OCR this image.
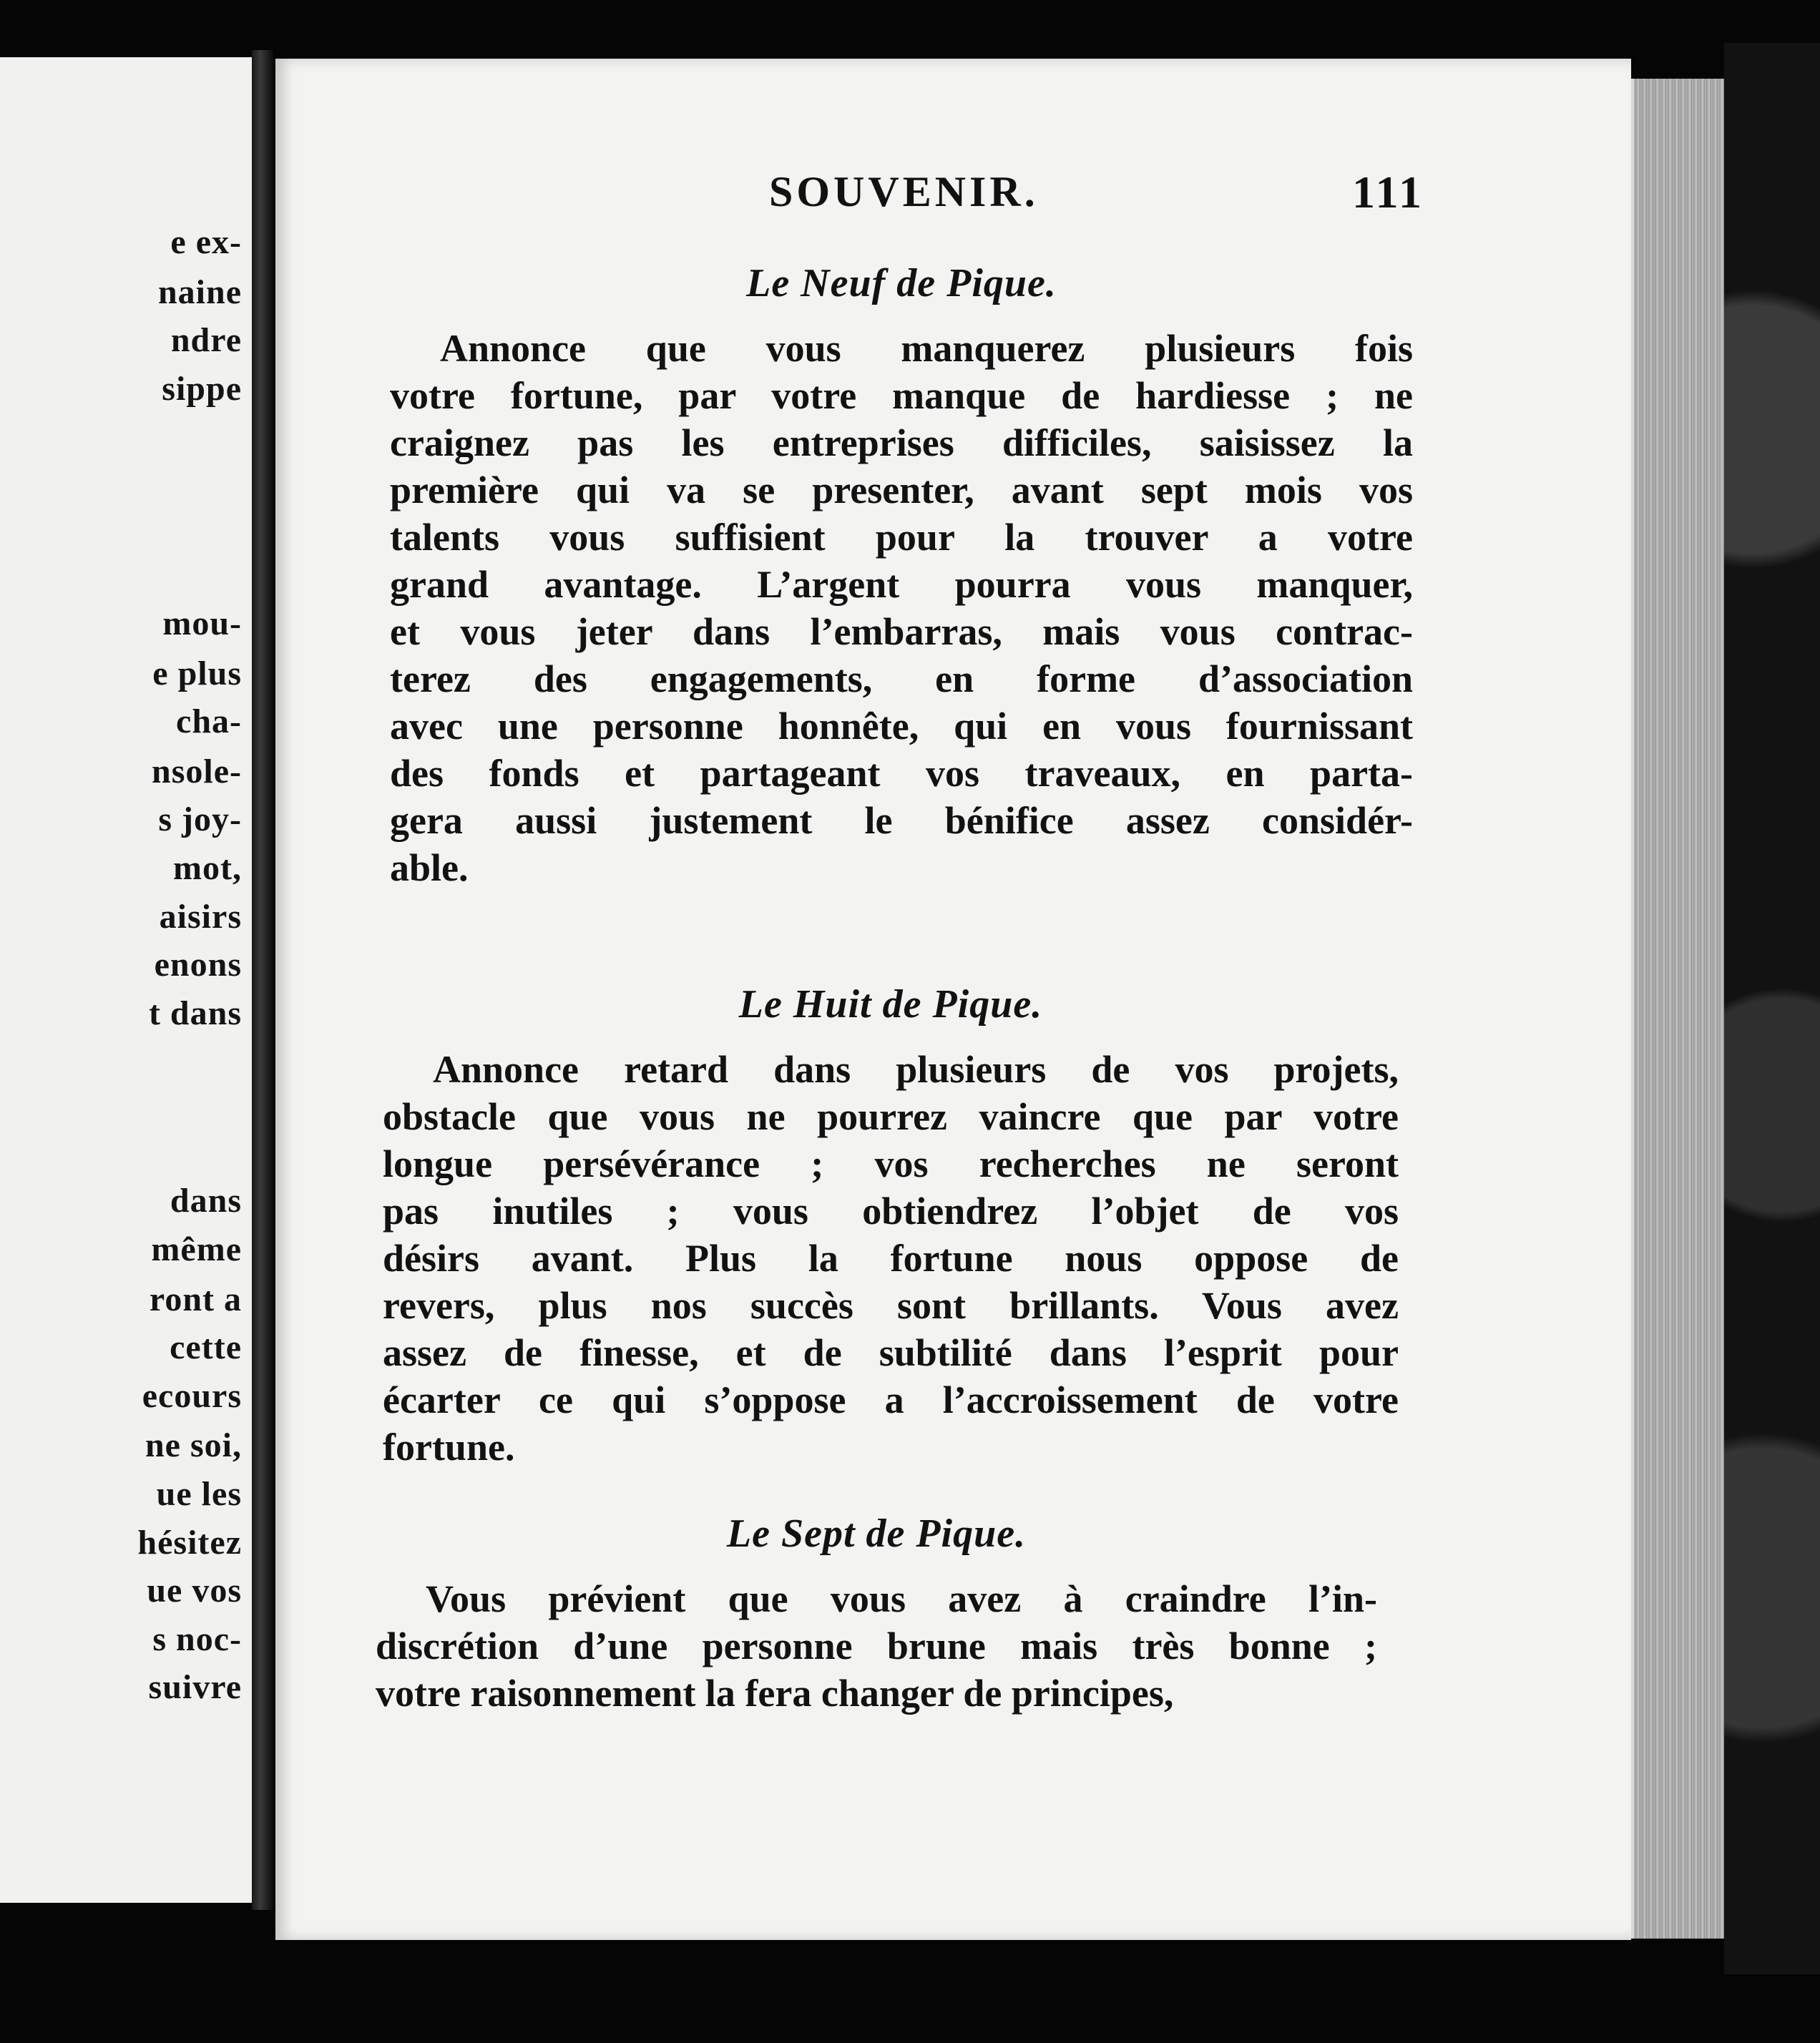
e ex-
naine
ndre
sippe
mou-
e plus
cha-
nsole-
s joy-
mot,
aisirs
enons
t dans
dans
même
ront a
cette
ecours
ne soi,
ue les
hésitez
ue vos
s noc-
suivre
SOUVENIR.	111
Le Neuf de Pique.
Annonce que vous manquerez plusieurs fois
votre fortune, par votre manque de hardiesse ; ne
craignez pas les entreprises difficiles, saisissez la
première qui va se presenter, avant sept mois vos
talents vous suffisient pour la trouver a votre
grand avantage. L’argent pourra vous manquer,
et vous jeter dans l’embarras, mais vous contrac-
terez des engagements, en forme d’association
avec une personne honnête, qui en vous fournissant
des fonds et partageant vos traveaux, en parta-
gera aussi justement le bénifice assez considér-
able.
Le Huit de Pique.
Annonce retard dans plusieurs de vos projets,
obstacle que vous ne pourrez vaincre que par votre
longue persévérance ; vos recherches ne seront
pas inutiles ; vous obtiendrez l’objet de vos
désirs avant. Plus la fortune nous oppose de
revers, plus nos succès sont brillants. Vous avez
assez de finesse, et de subtilité dans l’esprit pour
écarter ce qui s’oppose a l’accroissement de votre
fortune.
Le Sept de Pique.
Vous prévient que vous avez à craindre l’in-
discrétion d’une personne brune mais très bonne ;
votre raisonnement la fera changer de principes,
